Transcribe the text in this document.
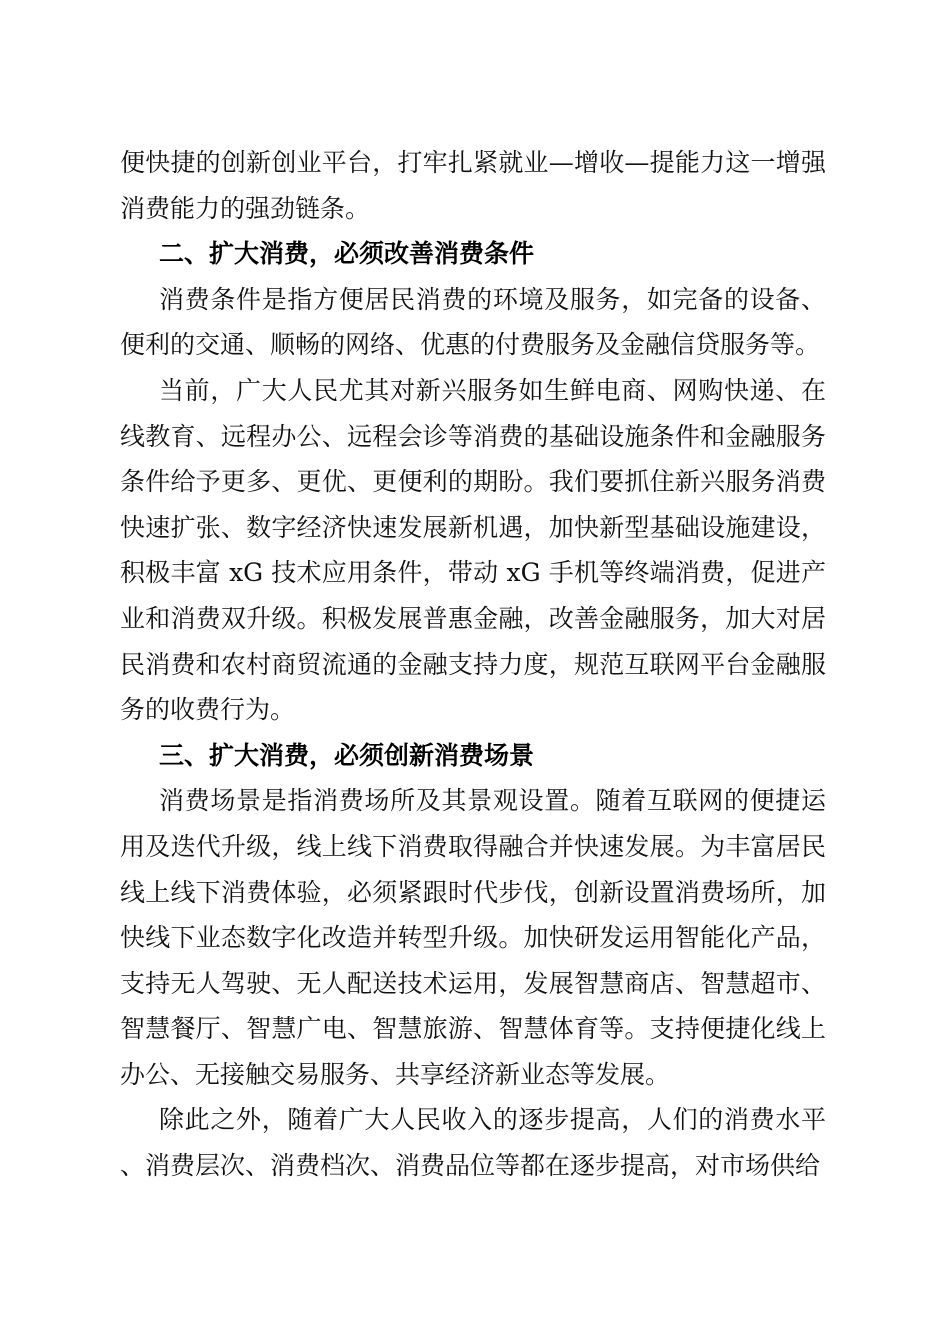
便快捷的创新创业平台，打牢扎紧就业—增收—提能力这一增强消费能力的强劲链条。

二、扩大消费，必须改善消费条件

消费条件是指方便居民消费的环境及服务，如完备的设备、便利的交通、顺畅的网络、优惠的付费服务及金融信贷服务等。

当前，广大人民尤其对新兴服务如生鲜电商、网购快递、在线教育、远程办公、远程会诊等消费的基础设施条件和金融服务条件给予更多、更优、更便利的期盼。我们要抓住新兴服务消费快速扩张、数字经济快速发展新机遇，加快新型基础设施建设，积极丰富 xG 技术应用条件，带动 xG 手机等终端消费，促进产业和消费双升级。积极发展普惠金融，改善金融服务，加大对居民消费和农村商贸流通的金融支持力度，规范互联网平台金融服务的收费行为。

三、扩大消费，必须创新消费场景

消费场景是指消费场所及其景观设置。随着互联网的便捷运用及迭代升级，线上线下消费取得融合并快速发展。为丰富居民线上线下消费体验，必须紧跟时代步伐，创新设置消费场所，加快线下业态数字化改造并转型升级。加快研发运用智能化产品，支持无人驾驶、无人配送技术运用，发展智慧商店、智慧超市、智慧餐厅、智慧广电、智慧旅游、智慧体育等。支持便捷化线上办公、无接触交易服务、共享经济新业态等发展。

除此之外，随着广大人民收入的逐步提高，人们的消费水平、消费层次、消费档次、消费品位等都在逐步提高，对市场供给
